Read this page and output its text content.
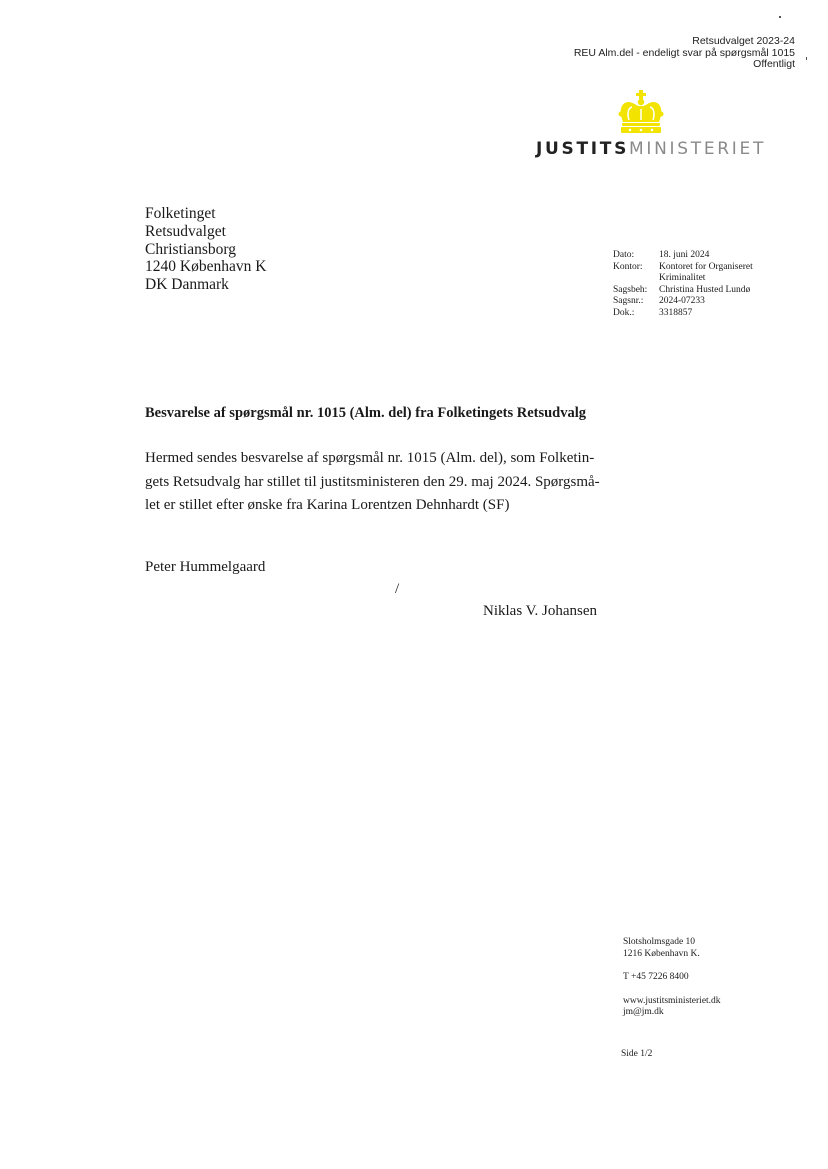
Retsudvalget 2023-24
REU Alm.del - endeligt svar på spørgsmål 1015
Offentligt
JUSTITSMINISTERIET
Folketinget
Retsudvalget
Christiansborg
1240 København K
DK Danmark
Dato:	18. juni 2024
Kontor:	Kontoret for Organiseret Kriminalitet
Sagsbeh:	Christina Husted Lundø
Sagsnr.:	2024-07233
Dok.:	3318857
Besvarelse af spørgsmål nr. 1015 (Alm. del) fra Folketingets Retsudvalg
Hermed sendes besvarelse af spørgsmål nr. 1015 (Alm. del), som Folketin-
gets Retsudvalg har stillet til justitsministeren den 29. maj 2024. Spørgsmå-
let er stillet efter ønske fra Karina Lorentzen Dehnhardt (SF)
Peter Hummelgaard
/
Niklas V. Johansen
Slotsholmsgade 10
1216 København K.
T +45 7226 8400
www.justitsministeriet.dk
jm@jm.dk
Side 1/2
